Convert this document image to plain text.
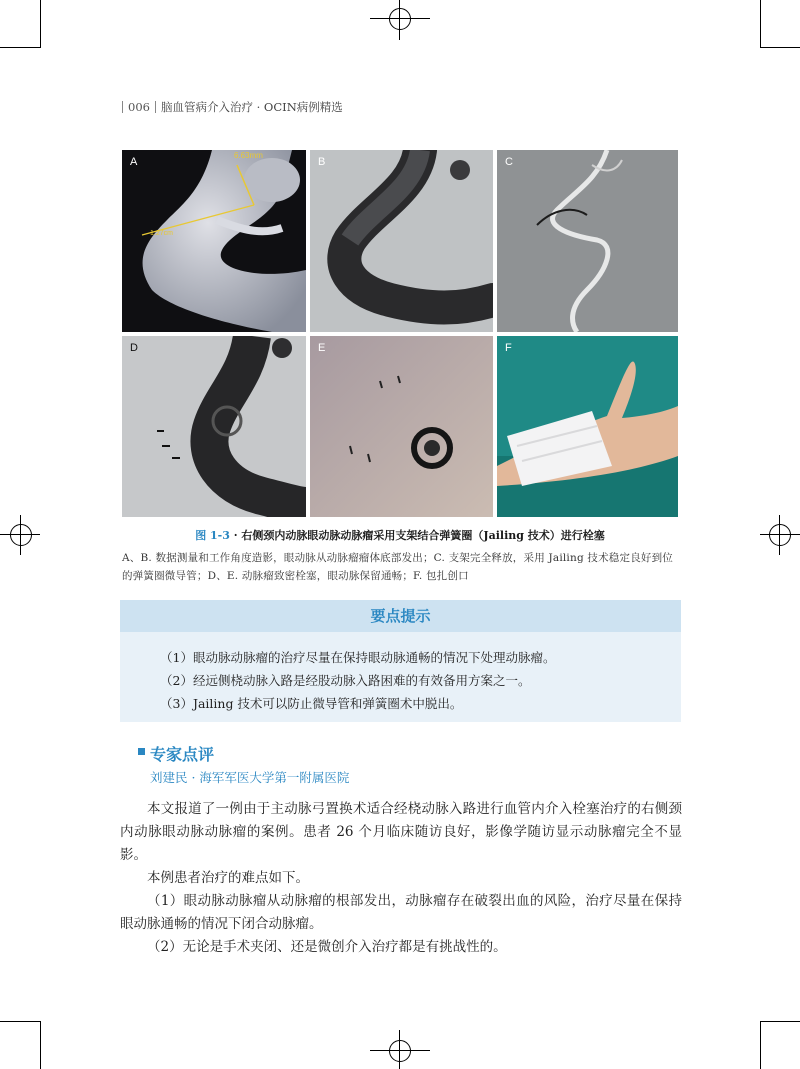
006 脑血管病介入治疗 · OCIN病例精选
6.63mm
1.27cm
A	B	C
D	E	F
图 1-3 · 右侧颈内动脉眼动脉动脉瘤采用支架结合弹簧圈（Jailing 技术）进行栓塞
A、B. 数据测量和工作角度造影，眼动脉从动脉瘤瘤体底部发出；C. 支架完全释放，采用 Jailing 技术稳定良好到位的弹簧圈微导管；D、E. 动脉瘤致密栓塞，眼动脉保留通畅；F. 包扎创口
要点提示
（1）眼动脉动脉瘤的治疗尽量在保持眼动脉通畅的情况下处理动脉瘤。
（2）经远侧桡动脉入路是经股动脉入路困难的有效备用方案之一。
（3）Jailing 技术可以防止微导管和弹簧圈术中脱出。
专家点评
刘建民 · 海军军医大学第一附属医院
本文报道了一例由于主动脉弓置换术适合经桡动脉入路进行血管内介入栓塞治疗的右侧颈内动脉眼动脉动脉瘤的案例。患者 26 个月临床随访良好，影像学随访显示动脉瘤完全不显影。
本例患者治疗的难点如下。
（1）眼动脉动脉瘤从动脉瘤的根部发出，动脉瘤存在破裂出血的风险，治疗尽量在保持眼动脉通畅的情况下闭合动脉瘤。
（2）无论是手术夹闭、还是微创介入治疗都是有挑战性的。
